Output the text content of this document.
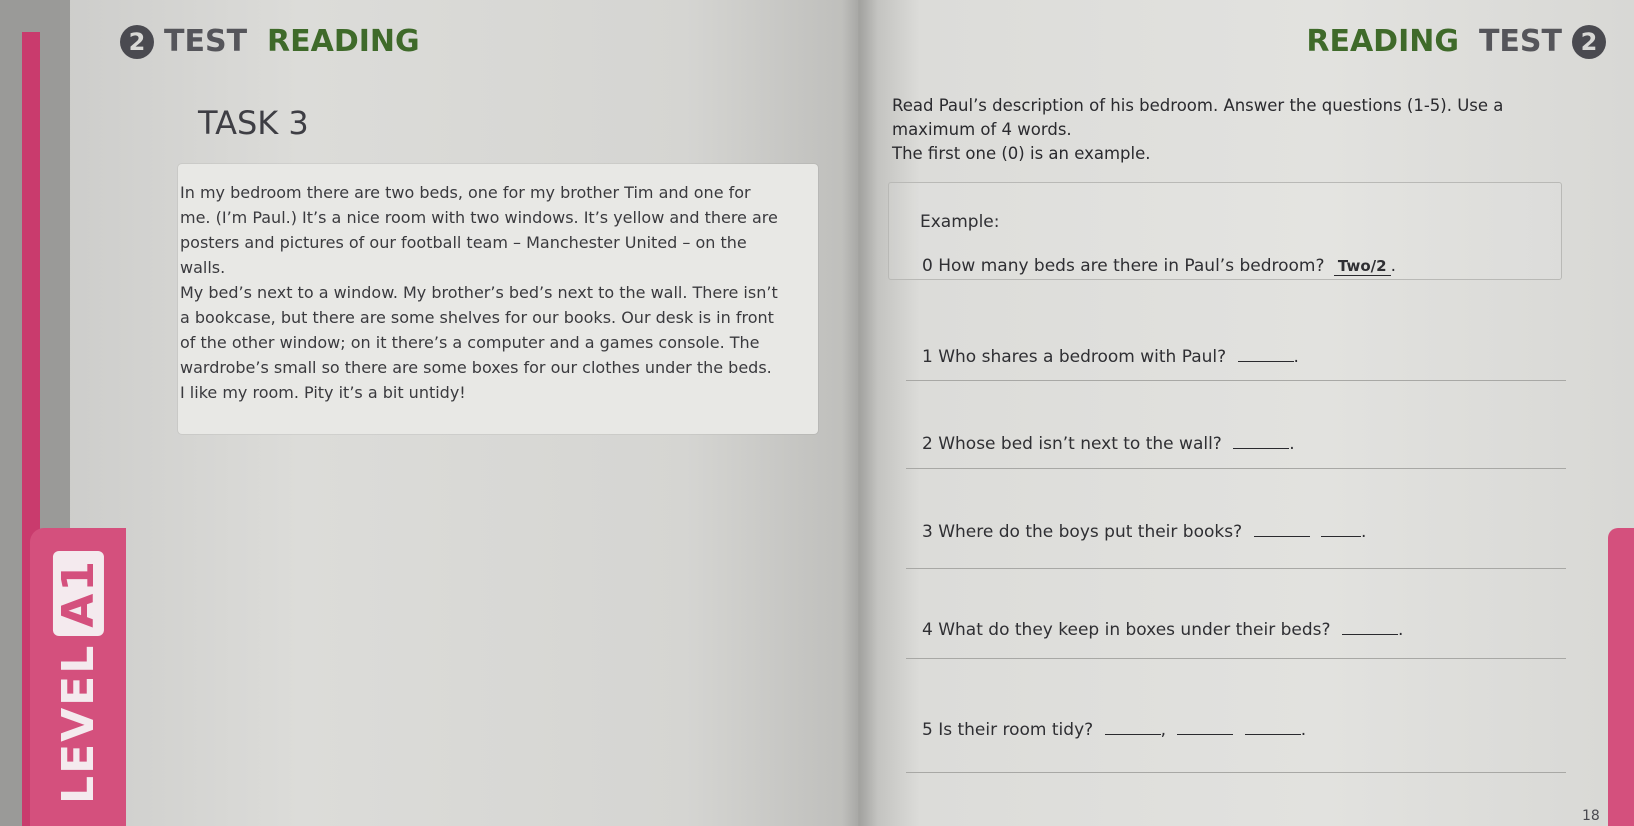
LEVELA1
2 TEST READING	READING TEST 2
TASK 3

In my bedroom there are two beds, one for my brother Tim and one for me. (I’m Paul.) It’s a nice room with two windows. It’s yellow and there are posters and pictures of our football team – Manchester United – on the walls.

My bed’s next to a window. My brother’s bed’s next to the wall. There isn’t a bookcase, but there are some shelves for our books. Our desk is in front of the other window; on it there’s a computer and a games console. The wardrobe’s small so there are some boxes for our clothes under the beds. I like my room. Pity it’s a bit untidy!

Read Paul’s description of his bedroom. Answer the questions (1-5). Use a

maximum of 4 words.

The first one (0) is an example.

Example:
0 How many beds are there in Paul’s bedroom? Two/2 .
1 Who shares a bedroom with Paul?	.
2 Whose bed isn’t next to the wall?	.
3 Where do the boys put their books?	.
4 What do they keep in boxes under their beds?	.
5 Is their room tidy?	,	.
18
